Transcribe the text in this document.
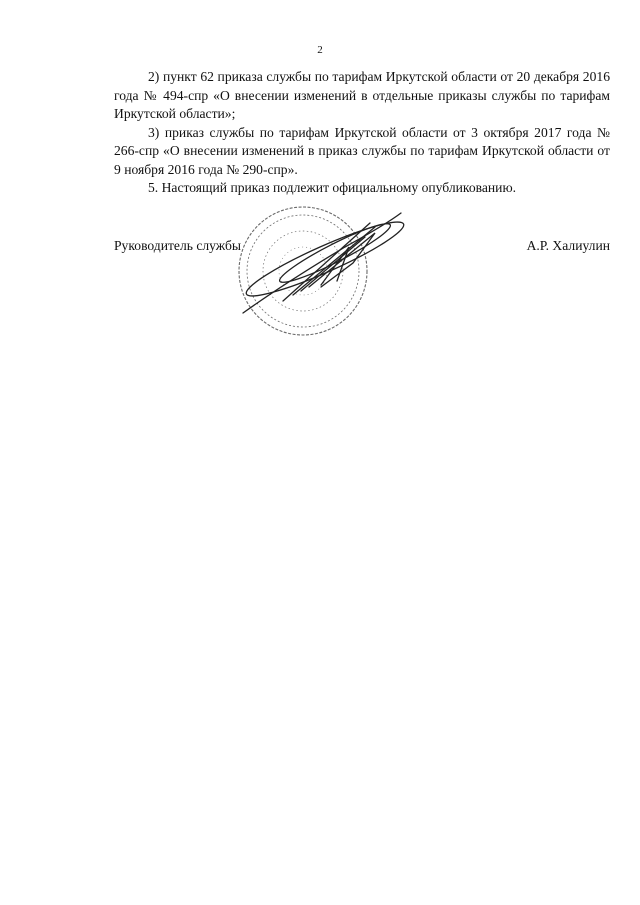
2

2) пункт 62 приказа службы по тарифам Иркутской области от 20 декабря 2016 года № 494-спр «О внесении изменений в отдельные приказы службы по тарифам Иркутской области»;

3) приказ службы по тарифам Иркутской области от 3 октября 2017 года № 266-спр «О внесении изменений в приказ службы по тарифам Иркутской области от 9 ноября 2016 года № 290-спр».

5. Настоящий приказ подлежит официальному опубликованию.

Руководитель службы	А.Р. Халиулин
